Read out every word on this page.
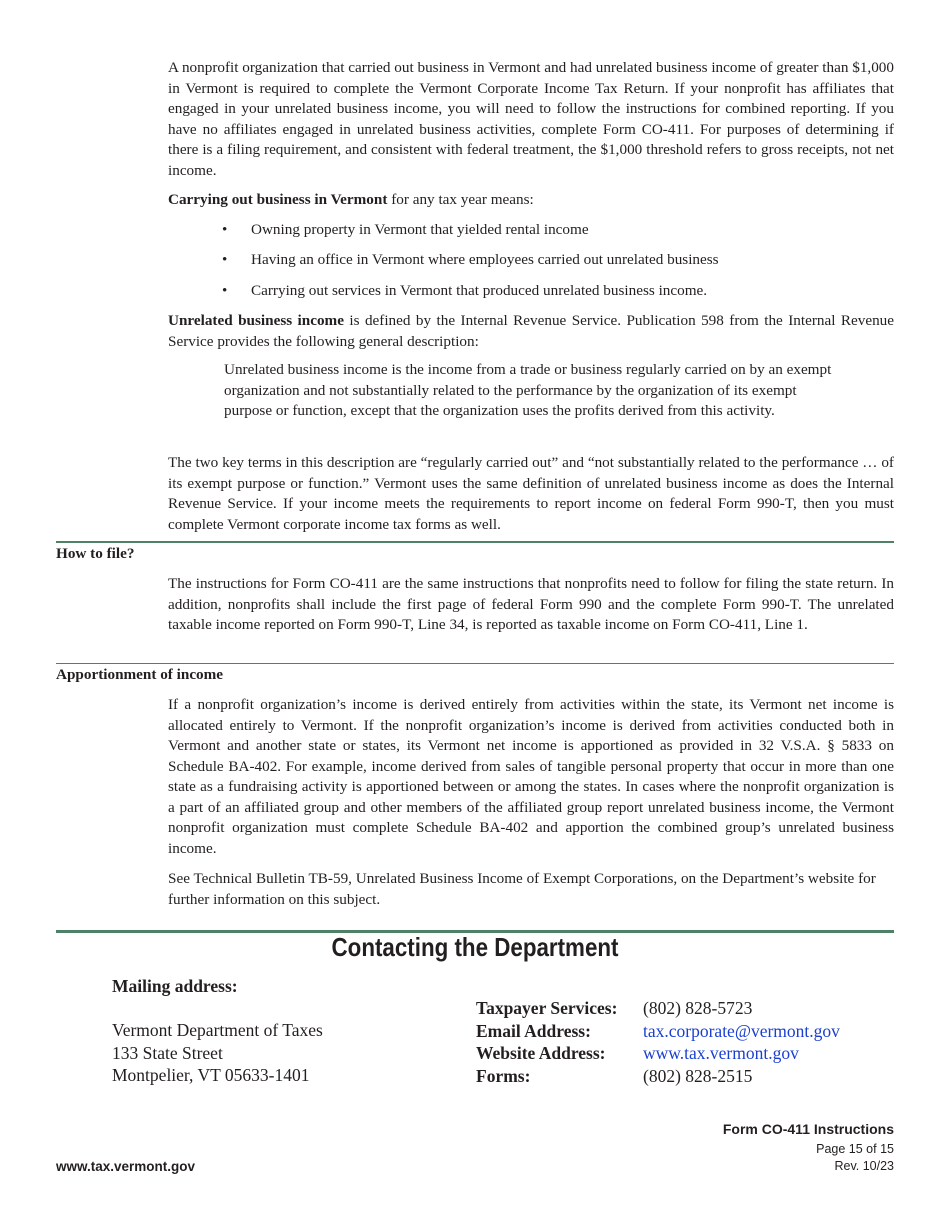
A nonprofit organization that carried out business in Vermont and had unrelated business income of greater than $1,000 in Vermont is required to complete the Vermont Corporate Income Tax Return. If your nonprofit has affiliates that engaged in your unrelated business income, you will need to follow the instructions for combined reporting. If you have no affiliates engaged in unrelated business activities, complete Form CO-411. For purposes of determining if there is a filing requirement, and consistent with federal treatment, the $1,000 threshold refers to gross receipts, not net income.

Carrying out business in Vermont for any tax year means:

• Owning property in Vermont that yielded rental income
• Having an office in Vermont where employees carried out unrelated business
• Carrying out services in Vermont that produced unrelated business income.

Unrelated business income is defined by the Internal Revenue Service. Publication 598 from the Internal Revenue Service provides the following general description:

Unrelated business income is the income from a trade or business regularly carried on by an exempt organization and not substantially related to the performance by the organization of its exempt purpose or function, except that the organization uses the profits derived from this activity.

The two key terms in this description are “regularly carried out” and “not substantially related to the performance … of its exempt purpose or function.” Vermont uses the same definition of unrelated business income as does the Internal Revenue Service. If your income meets the requirements to report income on federal Form 990-T, then you must complete Vermont corporate income tax forms as well.

How to file?

The instructions for Form CO-411 are the same instructions that nonprofits need to follow for filing the state return. In addition, nonprofits shall include the first page of federal Form 990 and the complete Form 990-T. The unrelated taxable income reported on Form 990-T, Line 34, is reported as taxable income on Form CO-411, Line 1.

Apportionment of income

If a nonprofit organization’s income is derived entirely from activities within the state, its Vermont net income is allocated entirely to Vermont. If the nonprofit organization’s income is derived from activities conducted both in Vermont and another state or states, its Vermont net income is apportioned as provided in 32 V.S.A. § 5833 on Schedule BA-402. For example, income derived from sales of tangible personal property that occur in more than one state as a fundraising activity is apportioned between or among the states. In cases where the nonprofit organization is a part of an affiliated group and other members of the affiliated group report unrelated business income, the Vermont nonprofit organization must complete Schedule BA-402 and apportion the combined group’s unrelated business income.

See Technical Bulletin TB-59, Unrelated Business Income of Exempt Corporations, on the Department’s website for further information on this subject.

Contacting the Department
Mailing address:
Vermont Department of Taxes
133 State Street
Montpelier, VT 05633-1401
Taxpayer Services:	(802) 828-5723
Email Address:	tax.corporate@vermont.gov
Website Address:	www.tax.vermont.gov
Forms:	(802) 828-2515
www.tax.vermont.gov
Form CO-411 Instructions
Page 15 of 15
Rev. 10/23
